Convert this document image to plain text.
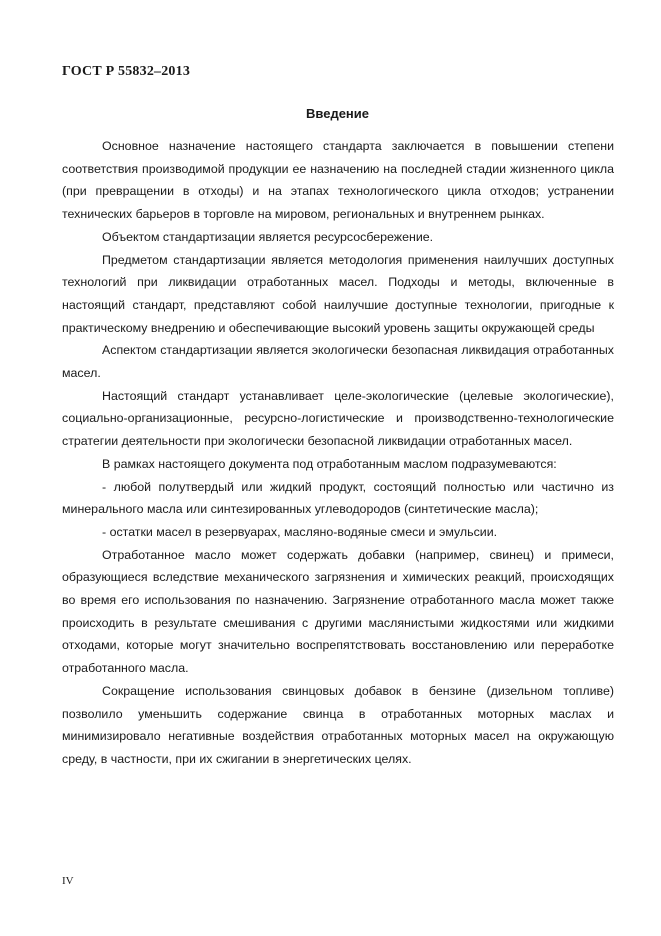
ГОСТ Р 55832–2013
Введение

Основное назначение настоящего стандарта заключается в повышении степени соответствия производимой продукции ее назначению на последней стадии жизненного цикла (при превращении в отходы) и на этапах технологического цикла отходов; устранении технических барьеров в торговле на мировом, региональных и внутреннем рынках.

Объектом стандартизации является ресурсосбережение.

Предметом стандартизации является методология применения наилучших доступных технологий при ликвидации отработанных масел. Подходы и методы, включенные в настоящий стандарт, представляют собой наилучшие доступные технологии, пригодные к практическому внедрению и обеспечивающие высокий уровень защиты окружающей среды

Аспектом стандартизации является экологически безопасная ликвидация отработанных масел.

Настоящий стандарт устанавливает целе-экологические (целевые экологические), социально-организационные, ресурсно-логистические и производственно-технологические стратегии деятельности при экологически безопасной ликвидации отработанных масел.

В рамках настоящего документа под отработанным маслом подразумеваются:

- любой полутвердый или жидкий продукт, состоящий полностью или частично из минерального масла или синтезированных углеводородов (синтетические масла);

- остатки масел в резервуарах, масляно-водяные смеси и эмульсии.

Отработанное масло может содержать добавки (например, свинец) и примеси, образующиеся вследствие механического загрязнения и химических реакций, происходящих во время его использования по назначению. Загрязнение отработанного масла может также происходить в результате смешивания с другими маслянистыми жидкостями или жидкими отходами, которые могут значительно воспрепятствовать восстановлению или переработке отработанного масла.

Сокращение использования свинцовых добавок в бензине (дизельном топливе) позволило уменьшить содержание свинца в отработанных моторных маслах и минимизировало негативные воздействия отработанных моторных масел на окружающую среду, в частности, при их сжигании в энергетических целях.

IV
